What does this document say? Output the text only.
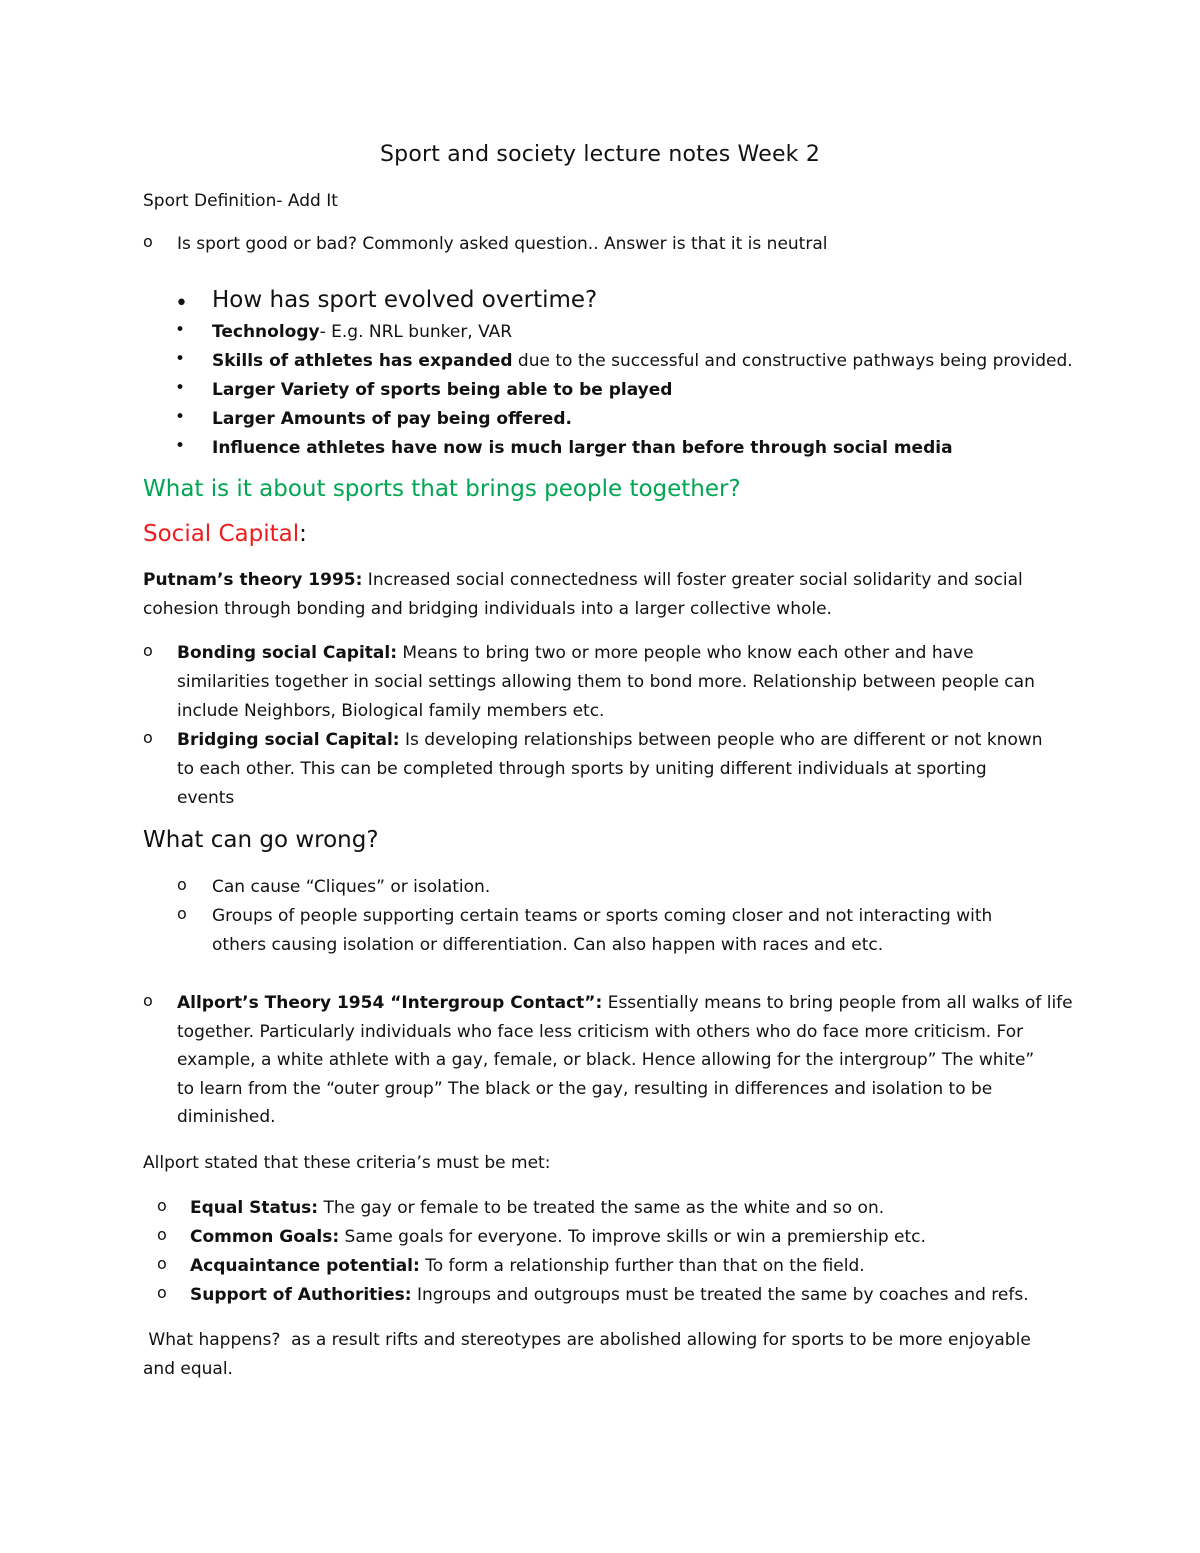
Sport and society lecture notes Week 2

Sport Definition- Add It

o Is sport good or bad? Commonly asked question.. Answer is that it is neutral

• How has sport evolved overtime?

• Technology- E.g. NRL bunker, VAR

• Skills of athletes has expanded due to the successful and constructive pathways being provided.

• Larger Variety of sports being able to be played

• Larger Amounts of pay being offered.

• Influence athletes have now is much larger than before through social media

What is it about sports that brings people together?

Social Capital:

Putnam’s theory 1995: Increased social connectedness will foster greater social solidarity and social

cohesion through bonding and bridging individuals into a larger collective whole.

o Bonding social Capital: Means to bring two or more people who know each other and have

similarities together in social settings allowing them to bond more. Relationship between people can

include Neighbors, Biological family members etc.

o Bridging social Capital: Is developing relationships between people who are different or not known

to each other. This can be completed through sports by uniting different individuals at sporting

events

What can go wrong?

o Can cause “Cliques” or isolation.

o Groups of people supporting certain teams or sports coming closer and not interacting with

others causing isolation or differentiation. Can also happen with races and etc.

o Allport’s Theory 1954 “Intergroup Contact”: Essentially means to bring people from all walks of life

together. Particularly individuals who face less criticism with others who do face more criticism. For

example, a white athlete with a gay, female, or black. Hence allowing for the intergroup” The white”

to learn from the “outer group” The black or the gay, resulting in differences and isolation to be

diminished.

Allport stated that these criteria’s must be met:

o Equal Status: The gay or female to be treated the same as the white and so on.

o Common Goals: Same goals for everyone. To improve skills or win a premiership etc.

o Acquaintance potential: To form a relationship further than that on the field.

o Support of Authorities: Ingroups and outgroups must be treated the same by coaches and refs.

What happens?  as a result rifts and stereotypes are abolished allowing for sports to be more enjoyable

and equal.
